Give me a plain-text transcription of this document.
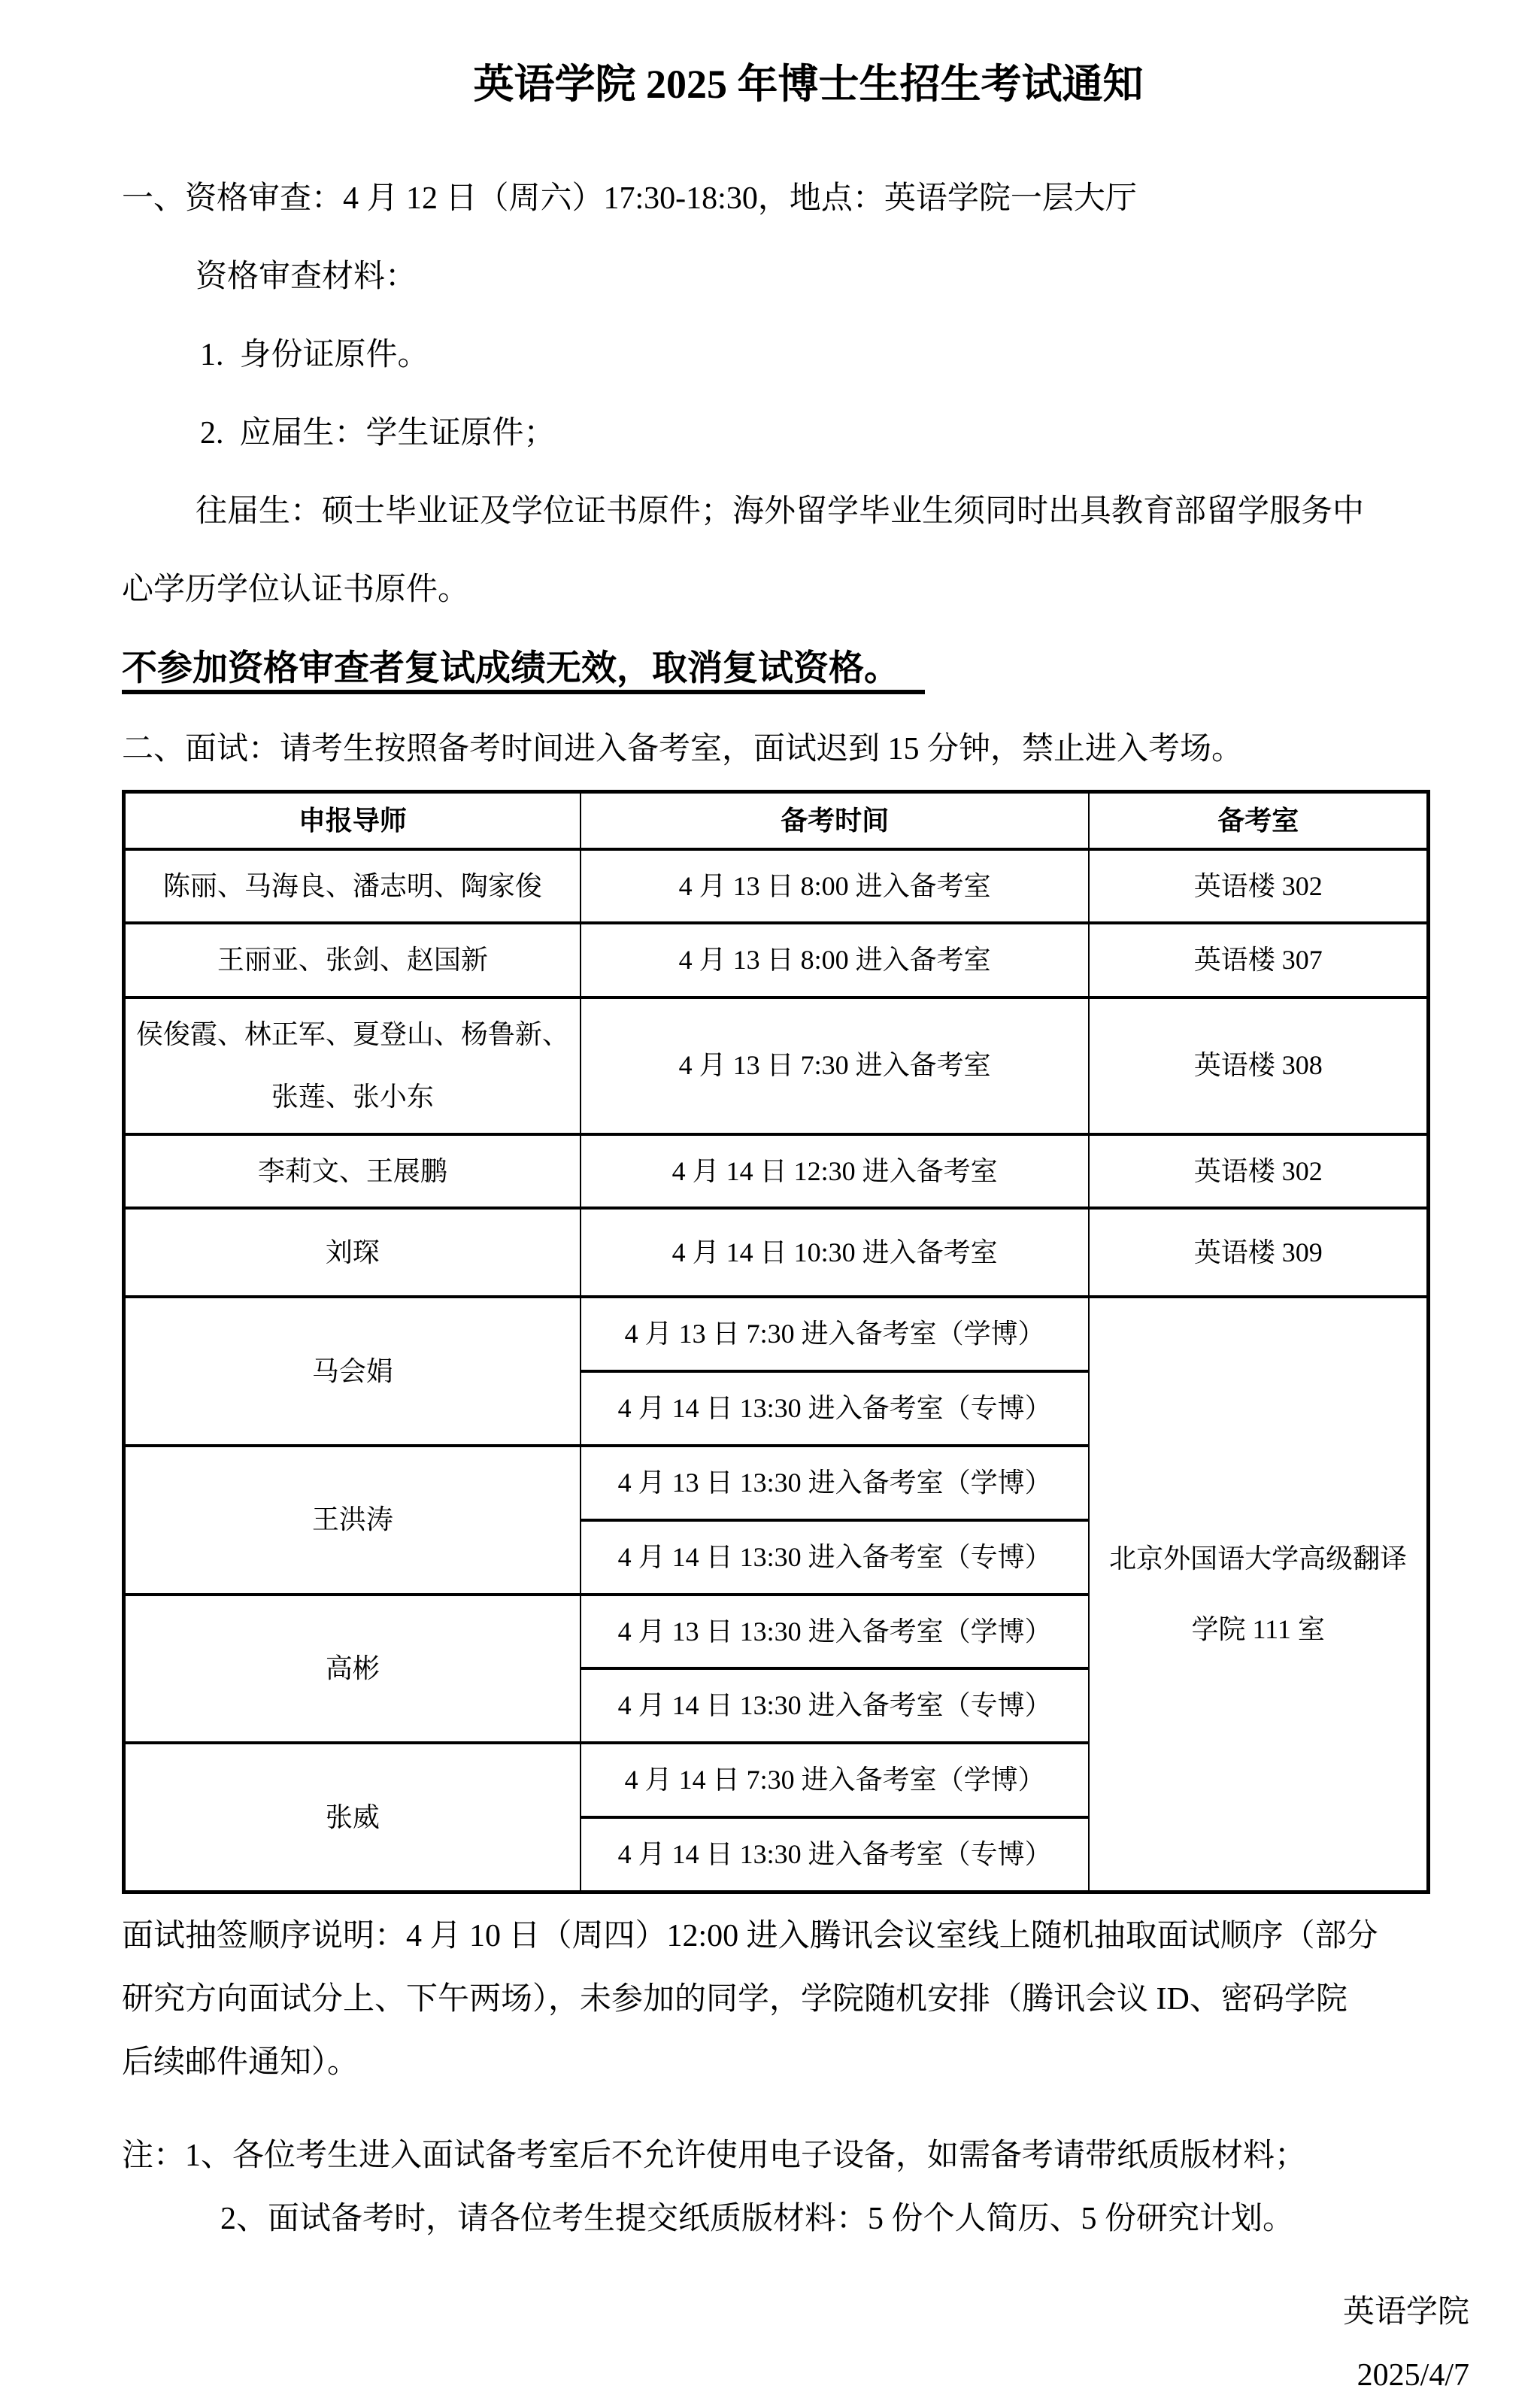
英语学院 2025 年博士生招生考试通知
一、资格审查：4 月 12 日（周六）17:30-18:30，地点：英语学院一层大厅
资格审查材料：
1.  身份证原件。
2.  应届生：学生证原件；
往届生：硕士毕业证及学位证书原件；海外留学毕业生须同时出具教育部留学服务中
心学历学位认证书原件。
不参加资格审查者复试成绩无效，取消复试资格。
二、面试：请考生按照备考时间进入备考室，面试迟到 15 分钟，禁止进入考场。
申报导师	备考时间	备考室
陈丽、马海良、潘志明、陶家俊	4 月 13 日 8:00 进入备考室	英语楼 302
王丽亚、张剑、赵国新	4 月 13 日 8:00 进入备考室	英语楼 307
侯俊霞、林正军、夏登山、杨鲁新、张莲、张小东	4 月 13 日 7:30 进入备考室	英语楼 308
李莉文、王展鹏	4 月 14 日 12:30 进入备考室	英语楼 302
刘琛	4 月 14 日 10:30 进入备考室	英语楼 309
马会娟	4 月 13 日 7:30 进入备考室（学博）	北京外国语大学高级翻译学院 111 室
	4 月 14 日 13:30 进入备考室（专博）	
王洪涛	4 月 13 日 13:30 进入备考室（学博）	
	4 月 14 日 13:30 进入备考室（专博）	
高彬	4 月 13 日 13:30 进入备考室（学博）	
	4 月 14 日 13:30 进入备考室（专博）	
张威	4 月 14 日 7:30 进入备考室（学博）	
	4 月 14 日 13:30 进入备考室（专博）	
面试抽签顺序说明：4 月 10 日（周四）12:00 进入腾讯会议室线上随机抽取面试顺序（部分
研究方向面试分上、下午两场），未参加的同学，学院随机安排（腾讯会议 ID、密码学院
后续邮件通知）。
注：1、各位考生进入面试备考室后不允许使用电子设备，如需备考请带纸质版材料；
2、面试备考时，请各位考生提交纸质版材料：5 份个人简历、5 份研究计划。
英语学院
2025/4/7
